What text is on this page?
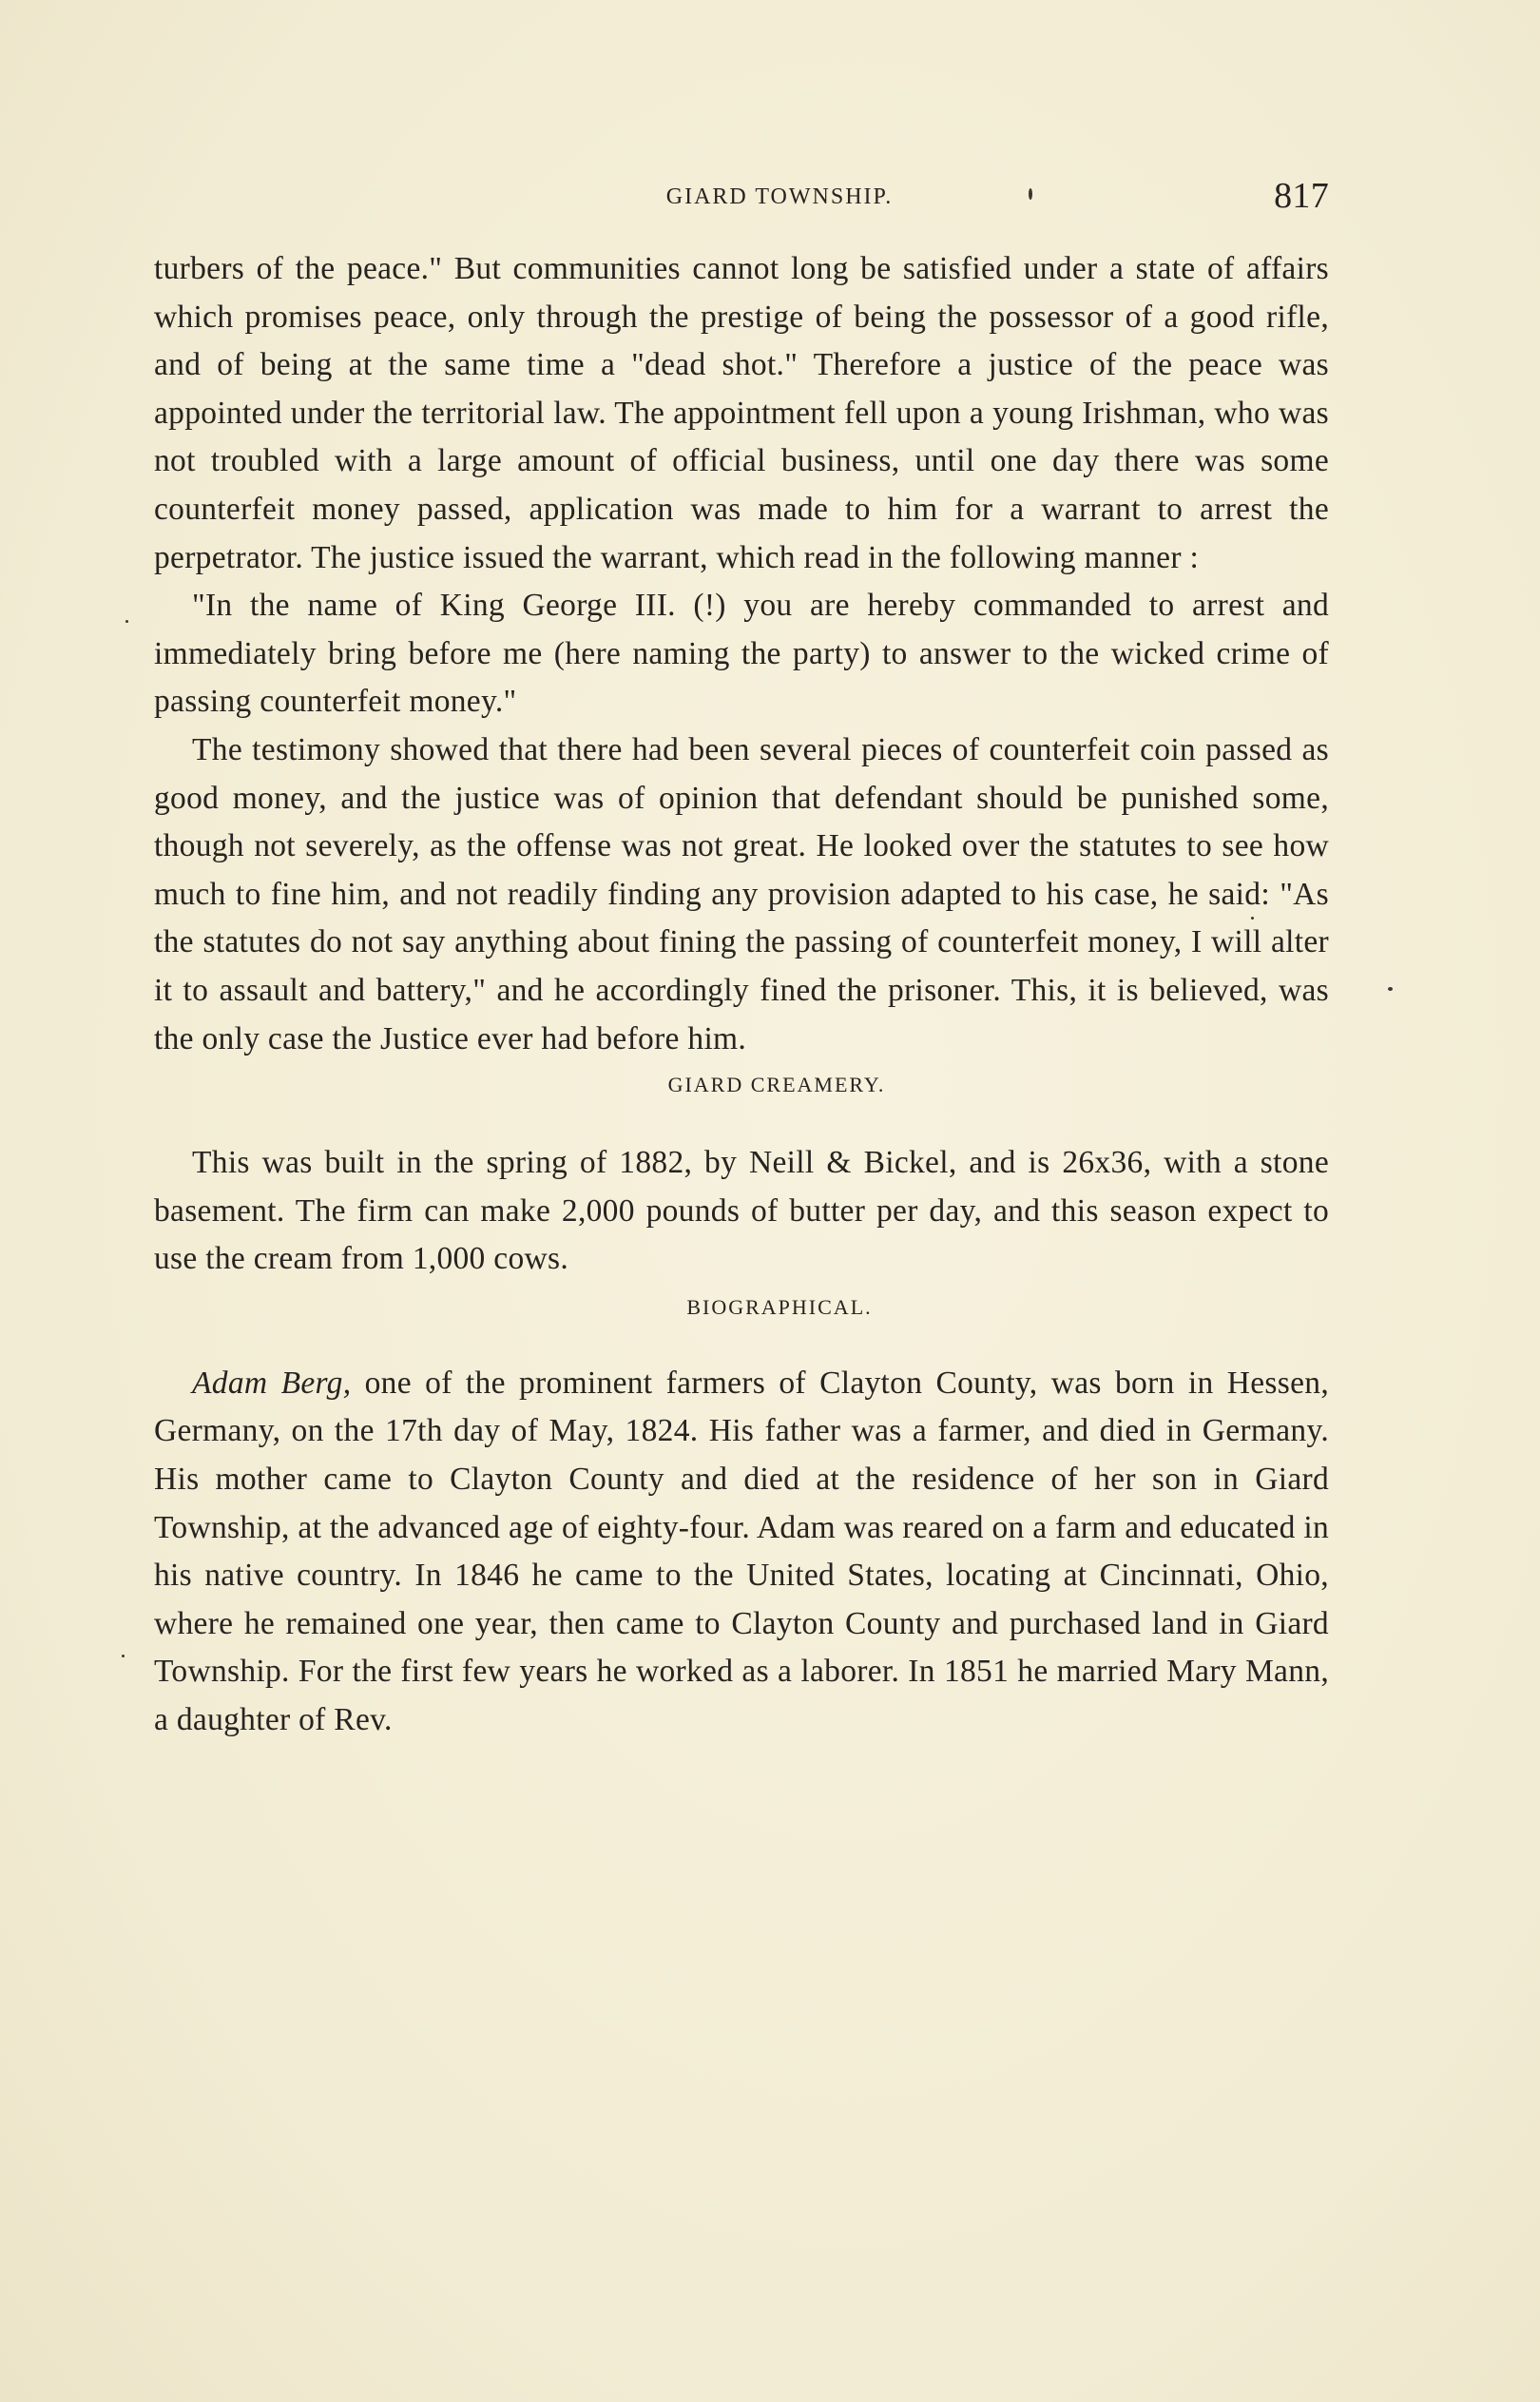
GIARD TOWNSHIP.	817

turbers of the peace." But communities cannot long be satisfied under a state of affairs which promises peace, only through the prestige of being the possessor of a good rifle, and of being at the same time a "dead shot." Therefore a justice of the peace was appointed under the territorial law. The appointment fell upon a young Irishman, who was not troubled with a large amount of official business, until one day there was some counterfeit money passed, application was made to him for a warrant to arrest the perpetrator. The justice issued the warrant, which read in the following manner :

"In the name of King George III. (!) you are hereby commanded to arrest and immediately bring before me (here naming the party) to answer to the wicked crime of passing counterfeit money."

The testimony showed that there had been several pieces of counterfeit coin passed as good money, and the justice was of opinion that defendant should be punished some, though not severely, as the offense was not great. He looked over the statutes to see how much to fine him, and not readily finding any provision adapted to his case, he said: "As the statutes do not say anything about fining the passing of counterfeit money, I will alter it to assault and battery," and he accordingly fined the prisoner. This, it is believed, was the only case the Justice ever had before him.

GIARD CREAMERY.

This was built in the spring of 1882, by Neill & Bickel, and is 26x36, with a stone basement. The firm can make 2,000 pounds of butter per day, and this season expect to use the cream from 1,000 cows.

BIOGRAPHICAL.

Adam Berg, one of the prominent farmers of Clayton County, was born in Hessen, Germany, on the 17th day of May, 1824. His father was a farmer, and died in Germany. His mother came to Clayton County and died at the residence of her son in Giard Township, at the advanced age of eighty-four. Adam was reared on a farm and educated in his native country. In 1846 he came to the United States, locating at Cincinnati, Ohio, where he remained one year, then came to Clayton County and purchased land in Giard Township. For the first few years he worked as a laborer. In 1851 he married Mary Mann, a daughter of Rev.
